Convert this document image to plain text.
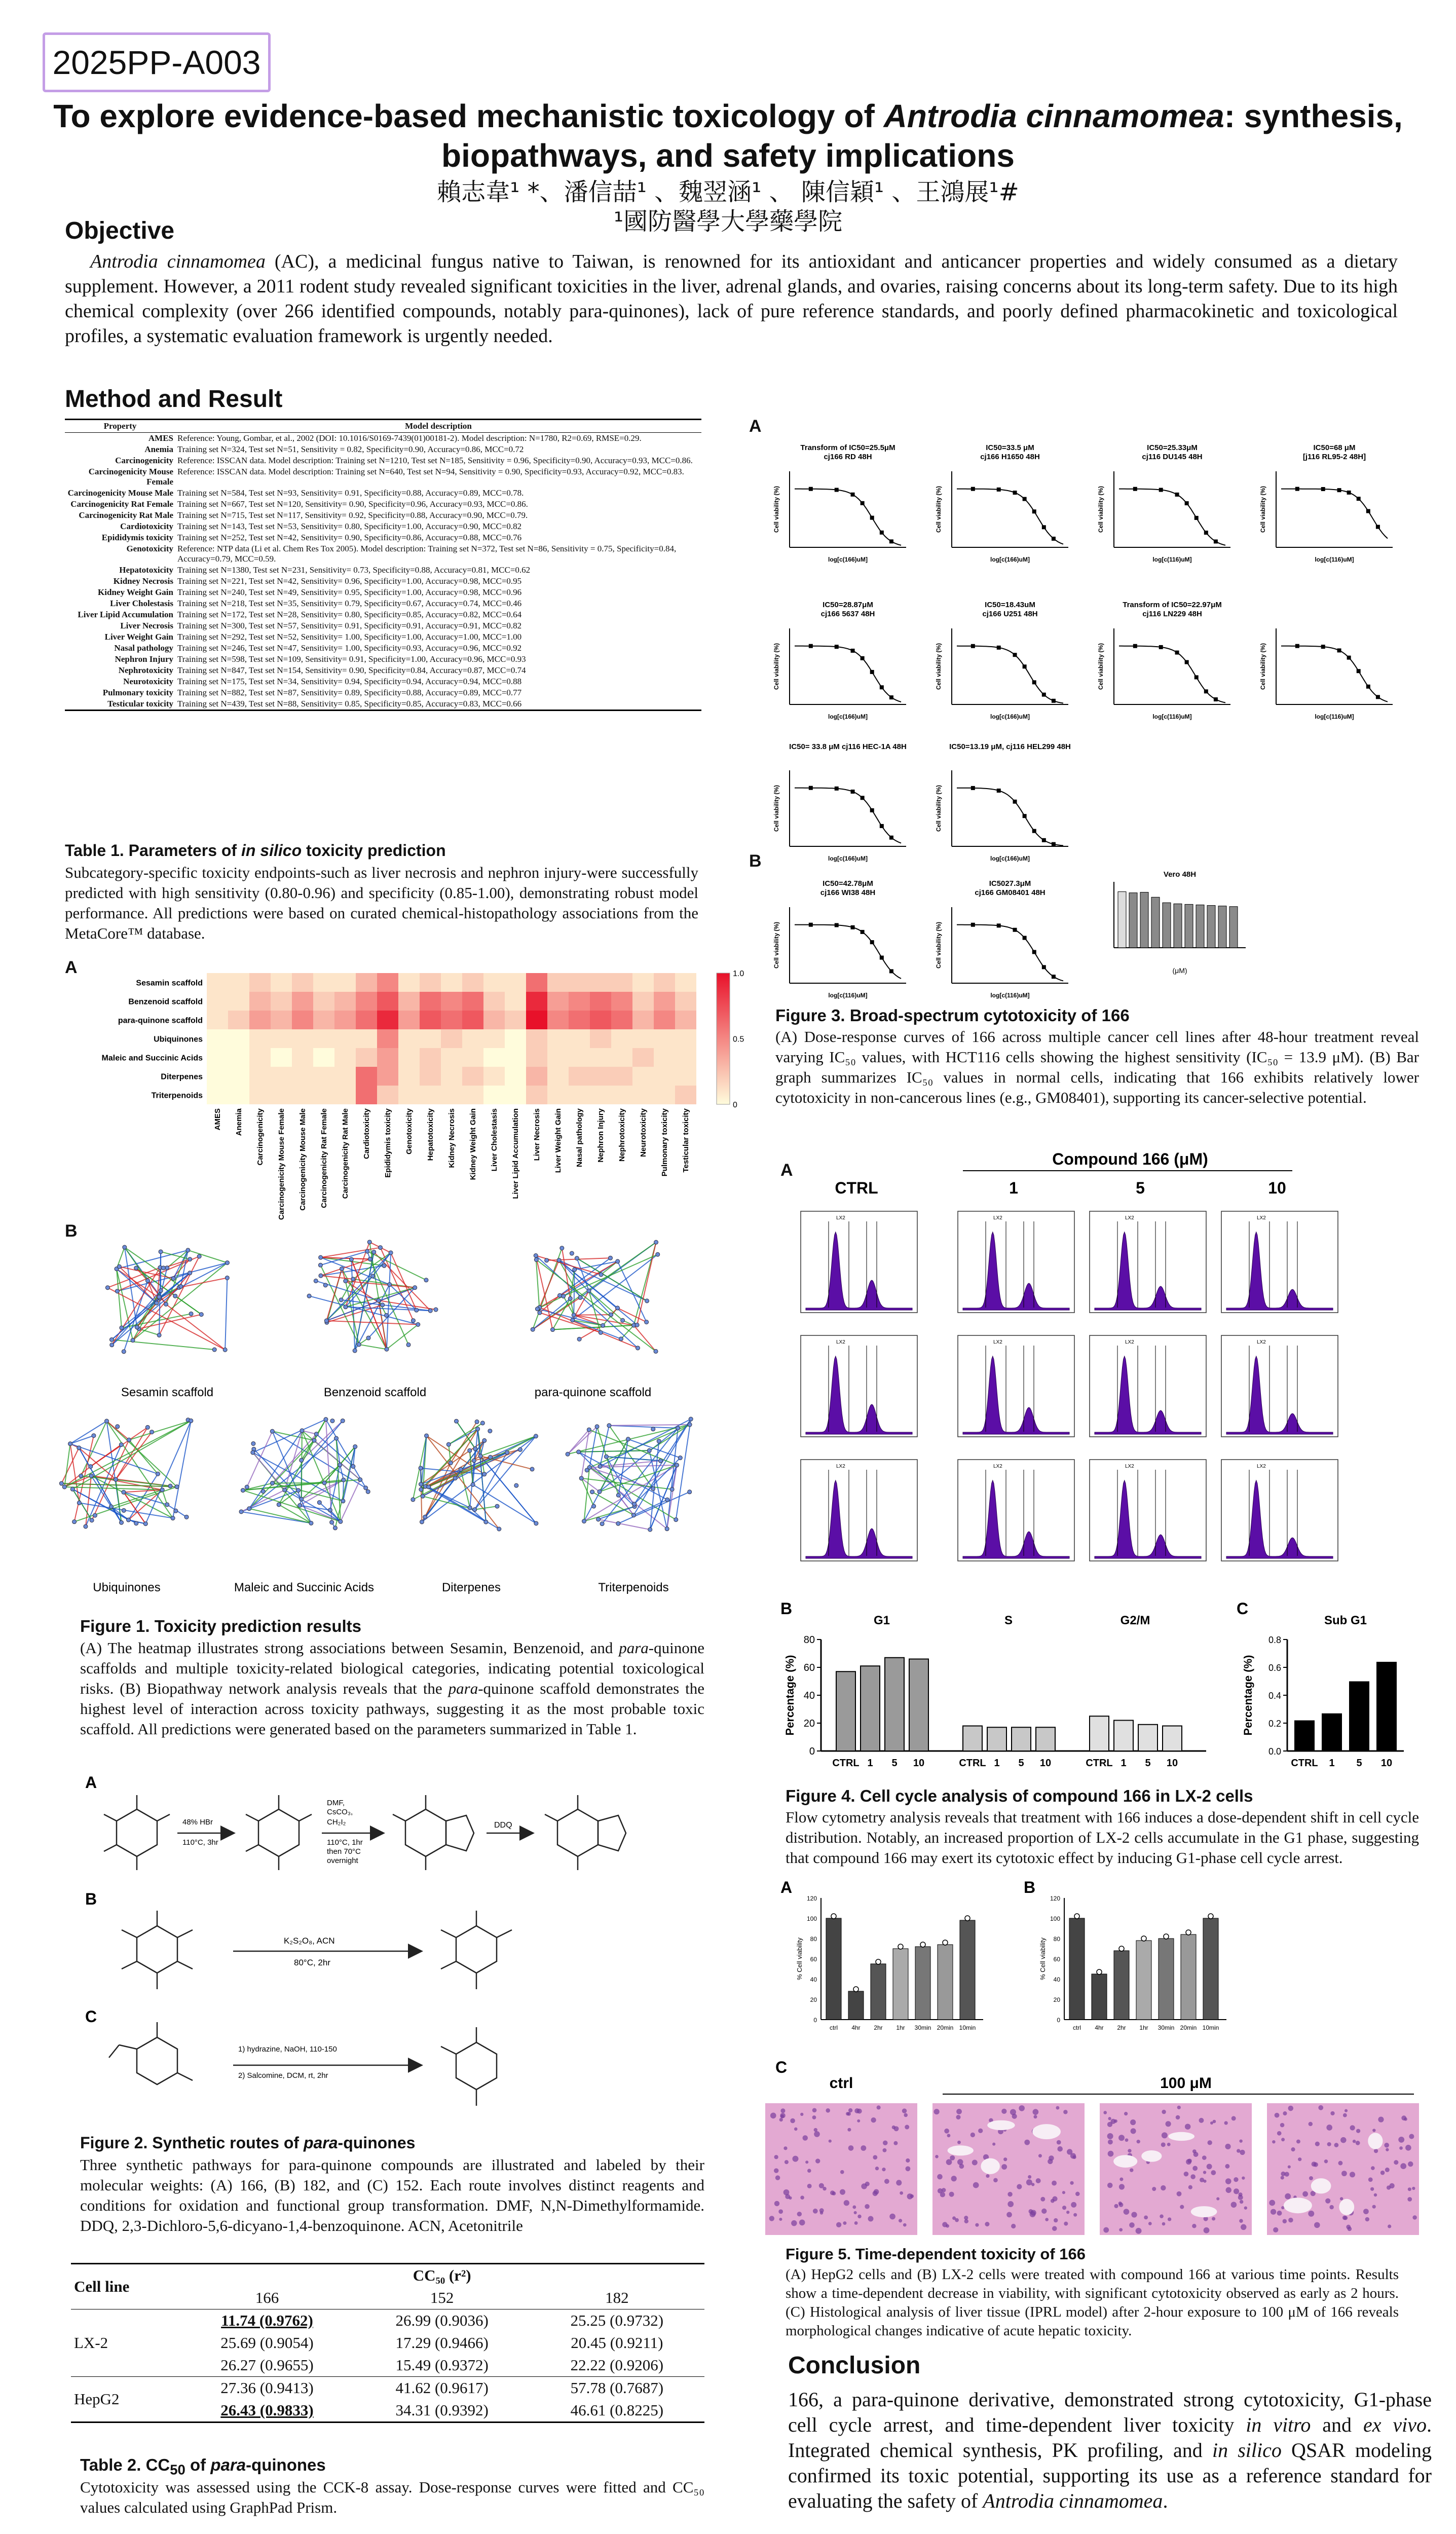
2025PP-A003
To explore evidence-based mechanistic toxicology of Antrodia cinnamomea: synthesis,
biopathways, and safety implications
賴志韋¹ *、潘信喆¹ 、魏翌涵¹ 、 陳信穎¹ 、王鴻展¹#
¹國防醫學大學藥學院
Objective
Antrodia cinnamomea (AC), a medicinal fungus native to Taiwan, is renowned for its antioxidant and anticancer properties and widely consumed as a dietary supplement. However, a 2011 rodent study revealed significant toxicities in the liver, adrenal glands, and ovaries, raising concerns about its long-term safety. Due to its high chemical complexity (over 266 identified compounds, notably para-quinones), lack of pure reference standards, and poorly defined pharmacokinetic and toxicological profiles, a systematic evaluation framework is urgently needed.
Method and Result
Property	Model description
AMES	Reference: Young, Gombar, et al., 2002 (DOI: 10.1016/S0169-7439(01)00181-2). Model description: N=1780, R2=0.69, RMSE=0.29.
Anemia	Training set N=324, Test set N=51, Sensitivity = 0.82, Specificity=0.90, Accuracy=0.86, MCC=0.72
Carcinogenicity	Reference: ISSCAN data. Model description: Training set N=1210, Test set N=185, Sensitivity = 0.96, Specificity=0.90, Accuracy=0.93, MCC=0.86.
Carcinogenicity Mouse Female	Reference: ISSCAN data. Model description: Training set N=640, Test set N=94, Sensitivity = 0.90, Specificity=0.93, Accuracy=0.92, MCC=0.83.
Carcinogenicity Mouse Male	Training set N=584, Test set N=93, Sensitivity= 0.91, Specificity=0.88, Accuracy=0.89, MCC=0.78.
Carcinogenicity Rat Female	Training set N=667, Test set N=120, Sensitivity= 0.90, Specificity=0.96, Accuracy=0.93, MCC=0.86.
Carcinogenicity Rat Male	Training set N=715, Test set N=117, Sensitivity= 0.92, Specificity=0.88, Accuracy=0.90, MCC=0.79.
Cardiotoxicity	Training set N=143, Test set N=53, Sensitivity= 0.80, Specificity=1.00, Accuracy=0.90, MCC=0.82
Epididymis toxicity	Training set N=252, Test set N=42, Sensitivity= 0.90, Specificity=0.86, Accuracy=0.88, MCC=0.76
Genotoxicity	Reference: NTP data (Li et al. Chem Res Tox 2005). Model description: Training set N=372, Test set N=86, Sensitivity = 0.75, Specificity=0.84, Accuracy=0.79, MCC=0.59.
Hepatotoxicity	Training set N=1380, Test set N=231, Sensitivity= 0.73, Specificity=0.88, Accuracy=0.81, MCC=0.62
Kidney Necrosis	Training set N=221, Test set N=42, Sensitivity= 0.96, Specificity=1.00, Accuracy=0.98, MCC=0.95
Kidney Weight Gain	Training set N=240, Test set N=49, Sensitivity= 0.95, Specificity=1.00, Accuracy=0.98, MCC=0.96
Liver Cholestasis	Training set N=218, Test set N=35, Sensitivity= 0.79, Specificity=0.67, Accuracy=0.74, MCC=0.46
Liver Lipid Accumulation	Training set N=172, Test set N=28, Sensitivity= 0.80, Specificity=0.85, Accuracy=0.82, MCC=0.64
Liver Necrosis	Training set N=300, Test set N=57, Sensitivity= 0.91, Specificity=0.91, Accuracy=0.91, MCC=0.82
Liver Weight Gain	Training set N=292, Test set N=52, Sensitivity= 1.00, Specificity=1.00, Accuracy=1.00, MCC=1.00
Nasal pathology	Training set N=246, Test set N=47, Sensitivity= 1.00, Specificity=0.93, Accuracy=0.96, MCC=0.92
Nephron Injury	Training set N=598, Test set N=109, Sensitivity= 0.91, Specificity=1.00, Accuracy=0.96, MCC=0.93
Nephrotoxicity	Training set N=847, Test set N=154, Sensitivity= 0.90, Specificity=0.84, Accuracy=0.87, MCC=0.74
Neurotoxicity	Training set N=175, Test set N=34, Sensitivity= 0.94, Specificity=0.94, Accuracy=0.94, MCC=0.88
Pulmonary toxicity	Training set N=882, Test set N=87, Sensitivity= 0.89, Specificity=0.88, Accuracy=0.89, MCC=0.77
Testicular toxicity	Training set N=439, Test set N=88, Sensitivity= 0.85, Specificity=0.85, Accuracy=0.83, MCC=0.66
Table 1. Parameters of in silico toxicity prediction
Subcategory-specific toxicity endpoints-such as liver necrosis and nephron injury-were successfully predicted with high sensitivity (0.80-0.96) and specificity (0.85-1.00), demonstrating robust model performance. All predictions were based on curated chemical-histopathology associations from the MetaCore™ database.
A
Sesamin scaffold
Benzenoid scaffold
para-quinone scaffold
Ubiquinones
Maleic and Succinic Acids
Diterpenes
Triterpenoids
AMES Anemia Carcinogenicity Carcinogenicity Mouse Female Carcinogenicity Mouse Male Carcinogenicity Rat Female Carcinogenicity Rat Male Cardiotoxicity Epididymis toxicity Genotoxicity Hepatotoxicity Kidney Necrosis Kidney Weight Gain Liver Cholestasis Liver Lipid Accumulation Liver Necrosis Liver Weight Gain Nasal pathology Nephron Injury Nephrotoxicity Neurotoxicity Pulmonary toxicity Testicular toxicity
1.0
0.5
0
B
Sesamin scaffold	Benzenoid scaffold	para-quinone scaffold
Ubiquinones	Maleic and Succinic Acids	Diterpenes	Triterpenoids
Figure 1. Toxicity prediction results
(A) The heatmap illustrates strong associations between Sesamin, Benzenoid, and para-quinone scaffolds and multiple toxicity-related biological categories, indicating potential toxicological risks. (B) Biopathway network analysis reveals that the para-quinone scaffold demonstrates the highest level of interaction across toxicity pathways, suggesting it as the most probable toxic scaffold. All predictions were generated based on the parameters summarized in Table 1.
A
48% HBr
110°C, 3hr
DMF,
CsCO₃,
CH₂I₂
110°C, 1hr
then 70°C
overnight
DDQ
B
K₂S₂O₈, ACN
80°C, 2hr
C
1) hydrazine, NaOH, 110-150
2) Salcomine, DCM, rt, 2hr
Figure 2. Synthetic routes of para-quinones
Three synthetic pathways for para-quinone compounds are illustrated and labeled by their molecular weights: (A) 166, (B) 182, and (C) 152. Each route involves distinct reagents and conditions for oxidation and functional group transformation. DMF, N,N-Dimethylformamide. DDQ, 2,3-Dichloro-5,6-dicyano-1,4-benzoquinone. ACN, Acetonitrile
Cell line	CC₅₀ (r²)		
	166	152	182
LX-2	11.74 (0.9762)	26.99 (0.9036)	25.25 (0.9732)
	25.69 (0.9054)	17.29 (0.9466)	20.45 (0.9211)
	26.27 (0.9655)	15.49 (0.9372)	22.22 (0.9206)
HepG2	27.36 (0.9413)	41.62 (0.9617)	57.78 (0.7687)
	26.43 (0.9833)	34.31 (0.9392)	46.61 (0.8225)
Table 2. $CC_{50}$ of para-quinones
Cytotoxicity was assessed using the CCK-8 assay. Dose-response curves were fitted and CC₅₀ values calculated using GraphPad Prism.
A
B
Transform of IC50=25.5μM
cj166 RD 48H
Cell viability (%)
log[c(166)uM]
IC50=33.5 μM
cj166 H1650 48H
Cell viability (%)
log[c(166)uM]
IC50=25.33μM
cj116 DU145 48H
Cell viability (%)
log[c(116)uM]
IC50=68 μM
[j116 RL95-2 48H]
Cell viability (%)
log[c(116)uM]
IC50=28.87μM
cj166 5637 48H
Cell viability (%)
log[c(166)uM]
IC50=18.43uM
cj166 U251 48H
Cell viability (%)
log[c(166)uM]
Transform of IC50=22.97μM
cj116 LN229 48H
Cell viability (%)
log[c(116)uM]
Cell viability (%)
log[c(116)uM]
IC50= 33.8 μM cj116 HEC-1A 48H
Cell viability (%)
log[c(166)uM]
IC50=13.19 μM, cj116 HEL299 48H
Cell viability (%)
log[c(166)uM]
IC50=42.78μM
cj166 WI38 48H
Cell viability (%)
log[c(116)uM]
IC5027.3μM
cj166 GM08401 48H
Cell viability (%)
log[c(116)uM]
Vero 48H
(μM)
Figure 3. Broad-spectrum cytotoxicity of 166
(A) Dose-response curves of 166 across multiple cancer cell lines after 48-hour treatment reveal varying IC₅₀ values, with HCT116 cells showing the highest sensitivity (IC₅₀ = 13.9 μM). (B) Bar graph summarizes IC₅₀ values in normal cells, indicating that 166 exhibits relatively lower cytotoxicity in non-cancerous lines (e.g., GM08401), supporting its cancer-selective potential.
A
Compound 166 (μM)
CTRL	1	5	10
LX2	LX2	LX2	LX2
LX2	LX2	LX2	LX2
LX2	LX2	LX2	LX2
B	C
0
20
40
60
80
Percentage (%)
G1
CTRL 1 5 10
S
CTRL 1 5 10
G2/M
CTRL 1 5 10
Sub G1
0.0
0.2
0.4
0.6
0.8
Percentage (%)
CTRL 1 5 10
Figure 4. Cell cycle analysis of compound 166 in LX-2 cells
Flow cytometry analysis reveals that treatment with 166 induces a dose-dependent shift in cell cycle distribution. Notably, an increased proportion of LX-2 cells accumulate in the G1 phase, suggesting that compound 166 may exert its cytotoxic effect by inducing G1-phase cell cycle arrest.
A
0
20
40
60
80
100
120
% Cell viability
ctrl 4hr 2hr 1hr 30min 20min 10min
B
0
20
40
60
80
100
120
% Cell viability
ctrl 4hr 2hr 1hr 30min 20min 10min
C
ctrl	100 μM
Figure 5. Time-dependent toxicity of 166
(A) HepG2 cells and (B) LX-2 cells were treated with compound 166 at various time points. Results show a time-dependent decrease in viability, with significant cytotoxicity observed as early as 2 hours. (C) Histological analysis of liver tissue (IPRL model) after 2-hour exposure to 100 μM of 166 reveals morphological changes indicative of acute hepatic toxicity.
Conclusion
166, a para-quinone derivative, demonstrated strong cytotoxicity, G1-phase cell cycle arrest, and time-dependent liver toxicity in vitro and ex vivo. Integrated chemical synthesis, PK profiling, and in silico QSAR modeling confirmed its toxic potential, supporting its use as a reference standard for evaluating the safety of Antrodia cinnamomea.
